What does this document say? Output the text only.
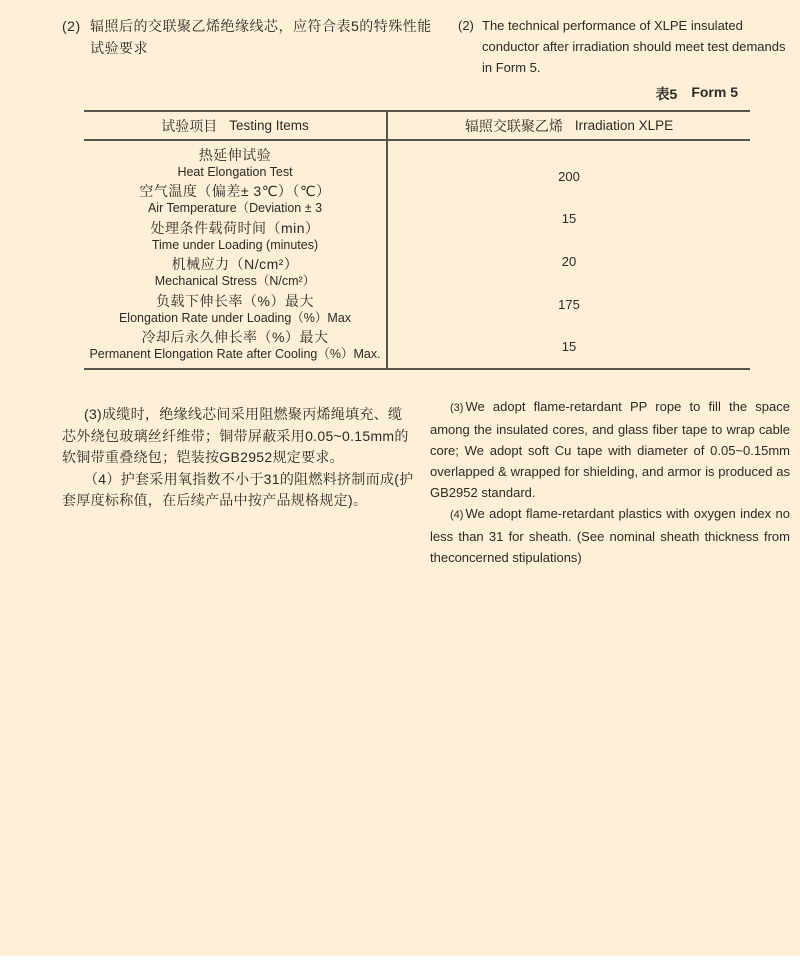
(2) 辐照后的交联聚乙烯绝缘线芯，应符合表5的特殊性能试验要求
(2) The technical performance of XLPE insulated conductor after irradiation should meet test demands in Form 5.
表5 Form 5
试验项目 Testing Items	辐照交联聚乙烯 Irradiation XLPE
热延伸试验
Heat Elongation Test
空气温度（偏差± 3℃）（℃）
Air Temperature（Deviation ± 3
处理条件载荷时间（min）
Time under Loading (minutes)
机械应力（N/cm²）
Mechanical Stress（N/cm²）
负载下伸长率（%）最大
Elongation Rate under Loading（%）Max
冷却后永久伸长率（%）最大
Permanent Elongation Rate after Cooling（%）Max.
200
15
20
175
15

(3)成缆时，绝缘线芯间采用阻燃聚丙烯绳填充、缆芯外绕包玻璃丝纤维带；铜带屏蔽采用0.05~0.15mm的软铜带重叠绕包；铠装按GB2952规定要求。

（4）护套采用氧指数不小于31的阻燃料挤制而成(护套厚度标称值，在后续产品中按产品规格规定)。

(3) We adopt flame-retardant PP rope to fill the space among the insulated cores, and glass fiber tape to wrap cable core; We adopt soft Cu tape with diameter of 0.05~0.15mm overlapped & wrapped for shielding, and armor is produced as GB2952 standard.

(4) We adopt flame-retardant plastics with oxygen index no less than 31 for sheath. (See nominal sheath thickness from theconcerned stipulations)
